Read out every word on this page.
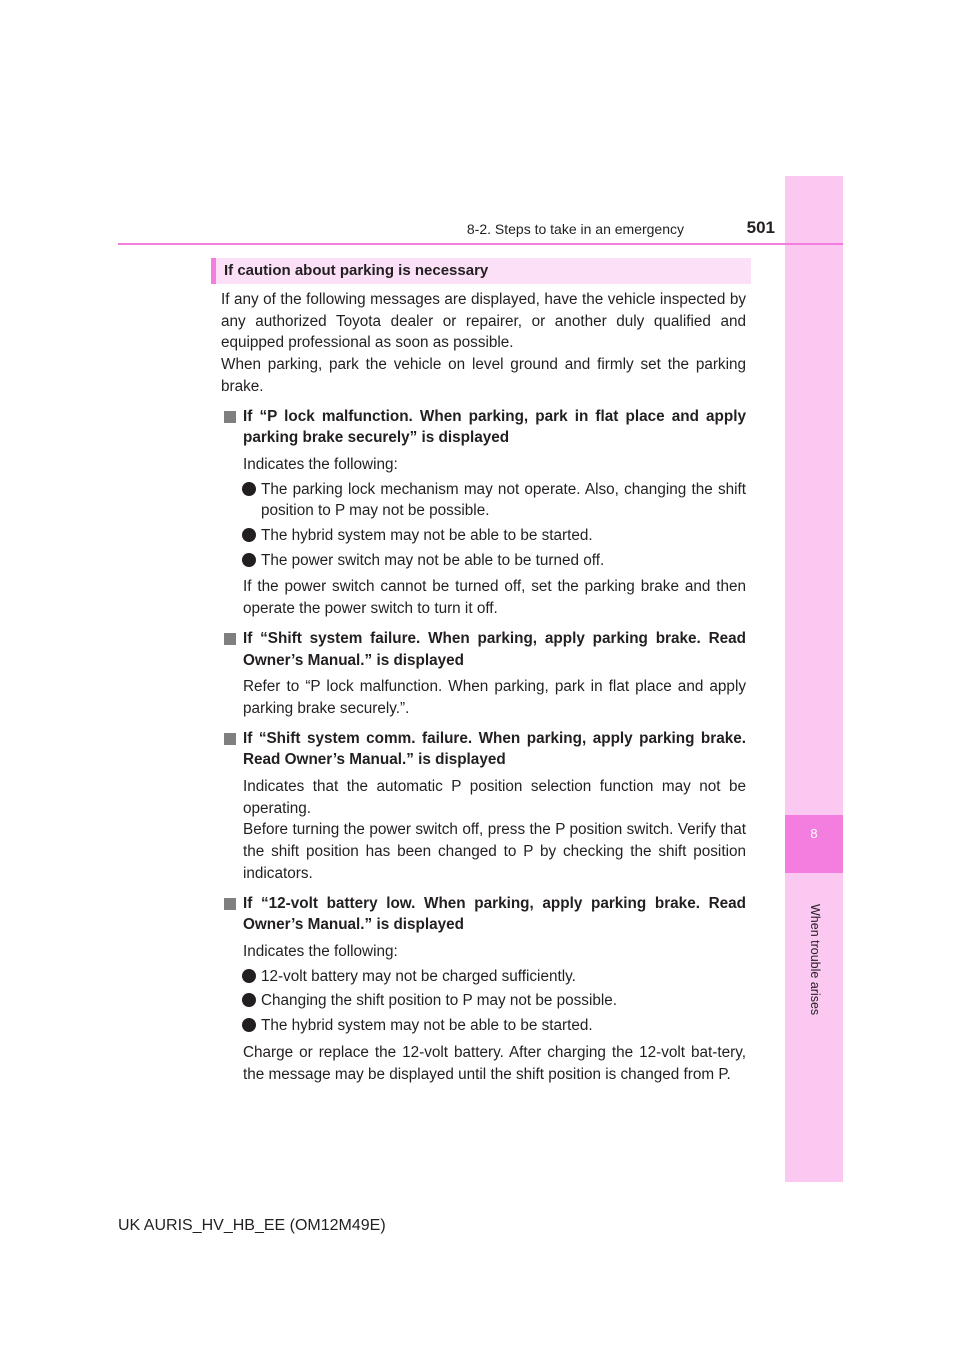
8
When trouble arises
8-2. Steps to take in an emergency	501
If caution about parking is necessary

If any of the following messages are displayed, have the vehicle inspected by any authorized Toyota dealer or repairer, or another duly qualified and equipped professional as soon as possible.

When parking, park the vehicle on level ground and firmly set the parking brake.

If “P lock malfunction. When parking, park in flat place and apply parking brake securely” is displayed

Indicates the following:

The parking lock mechanism may not operate. Also, changing the shift position to P may not be possible.
The hybrid system may not be able to be started.
The power switch may not be able to be turned off.

If the power switch cannot be turned off, set the parking brake and then operate the power switch to turn it off.

If “Shift system failure. When parking, apply parking brake. Read Owner’s Manual.” is displayed

Refer to “P lock malfunction. When parking, park in flat place and apply parking brake securely.”.

If “Shift system comm. failure. When parking, apply parking brake. Read Owner’s Manual.” is displayed

Indicates that the automatic P position selection function may not be operating.

Before turning the power switch off, press the P position switch. Verify that the shift position has been changed to P by checking the shift position indicators.

If “12-volt battery low. When parking, apply parking brake. Read Owner’s Manual.” is displayed

Indicates the following:

12-volt battery may not be charged sufficiently.
Changing the shift position to P may not be possible.
The hybrid system may not be able to be started.

Charge or replace the 12-volt battery. After charging the 12-volt bat-tery, the message may be displayed until the shift position is changed from P.

UK AURIS_HV_HB_EE (OM12M49E)
